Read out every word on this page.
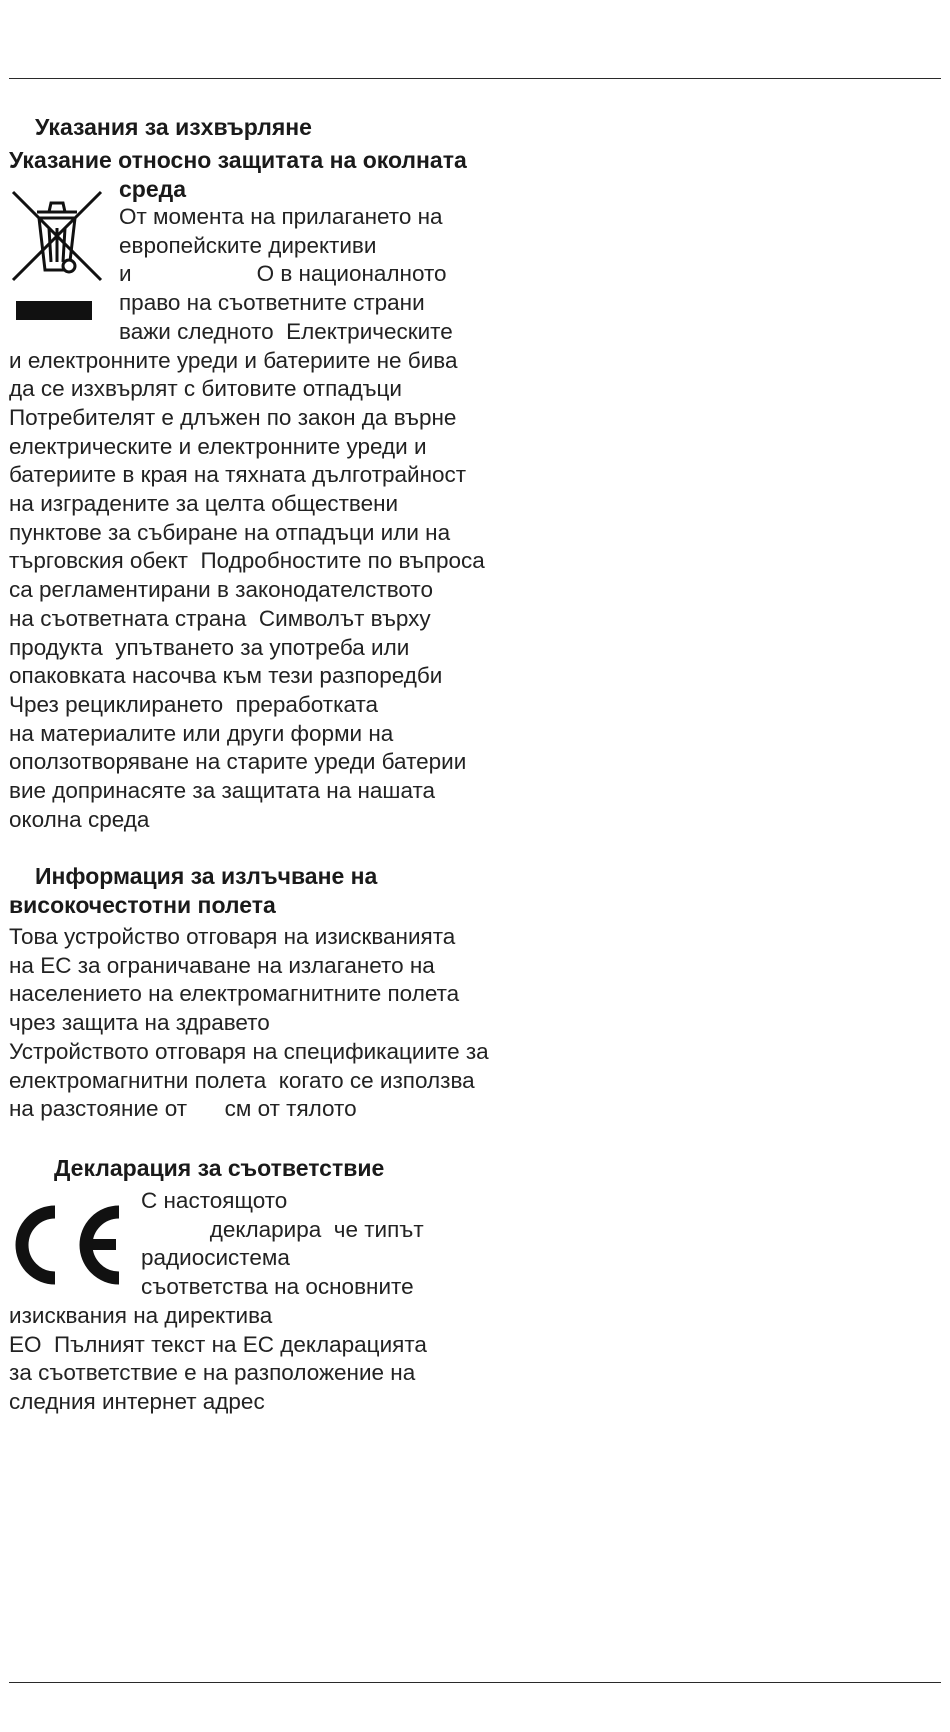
Указания за изхвърляне

Указание относно защитата на околната

среда

От момента на прилагането на

европейските директиви

и                    О в националното

право на съответните страни

важи следното  Електрическите

и електронните уреди и батериите не бива

да се изхвърлят с битовите отпадъци

Потребителят е длъжен по закон да върне

електрическите и електронните уреди и

батериите в края на тяхната дълготрайност

на изградените за целта обществени

пунктове за събиране на отпадъци или на

търговския обект  Подробностите по въпроса

са регламентирани в законодателството

на съответната страна  Символът върху

продукта  упътването за употреба или

опаковката насочва към тези разпоредби

Чрез рециклирането  преработката

на материалите или други форми на

оползотворяване на старите уреди батерии

вие допринасяте за защитата на нашата

околна среда

Информация за излъчване на

високочестотни полета

Това устройство отговаря на изискванията

на ЕС за ограничаване на излагането на

населението на електромагнитните полета

чрез защита на здравето

Устройството отговаря на спецификациите за

електромагнитни полета  когато се използва

на разстояние от      см от тялото

Декларация за съответствие

С настоящото

декларира  че типът

радиосистема

съответства на основните

изисквания на директива

ЕО  Пълният текст на ЕС декларацията

за съответствие е на разположение на

следния интернет адрес
